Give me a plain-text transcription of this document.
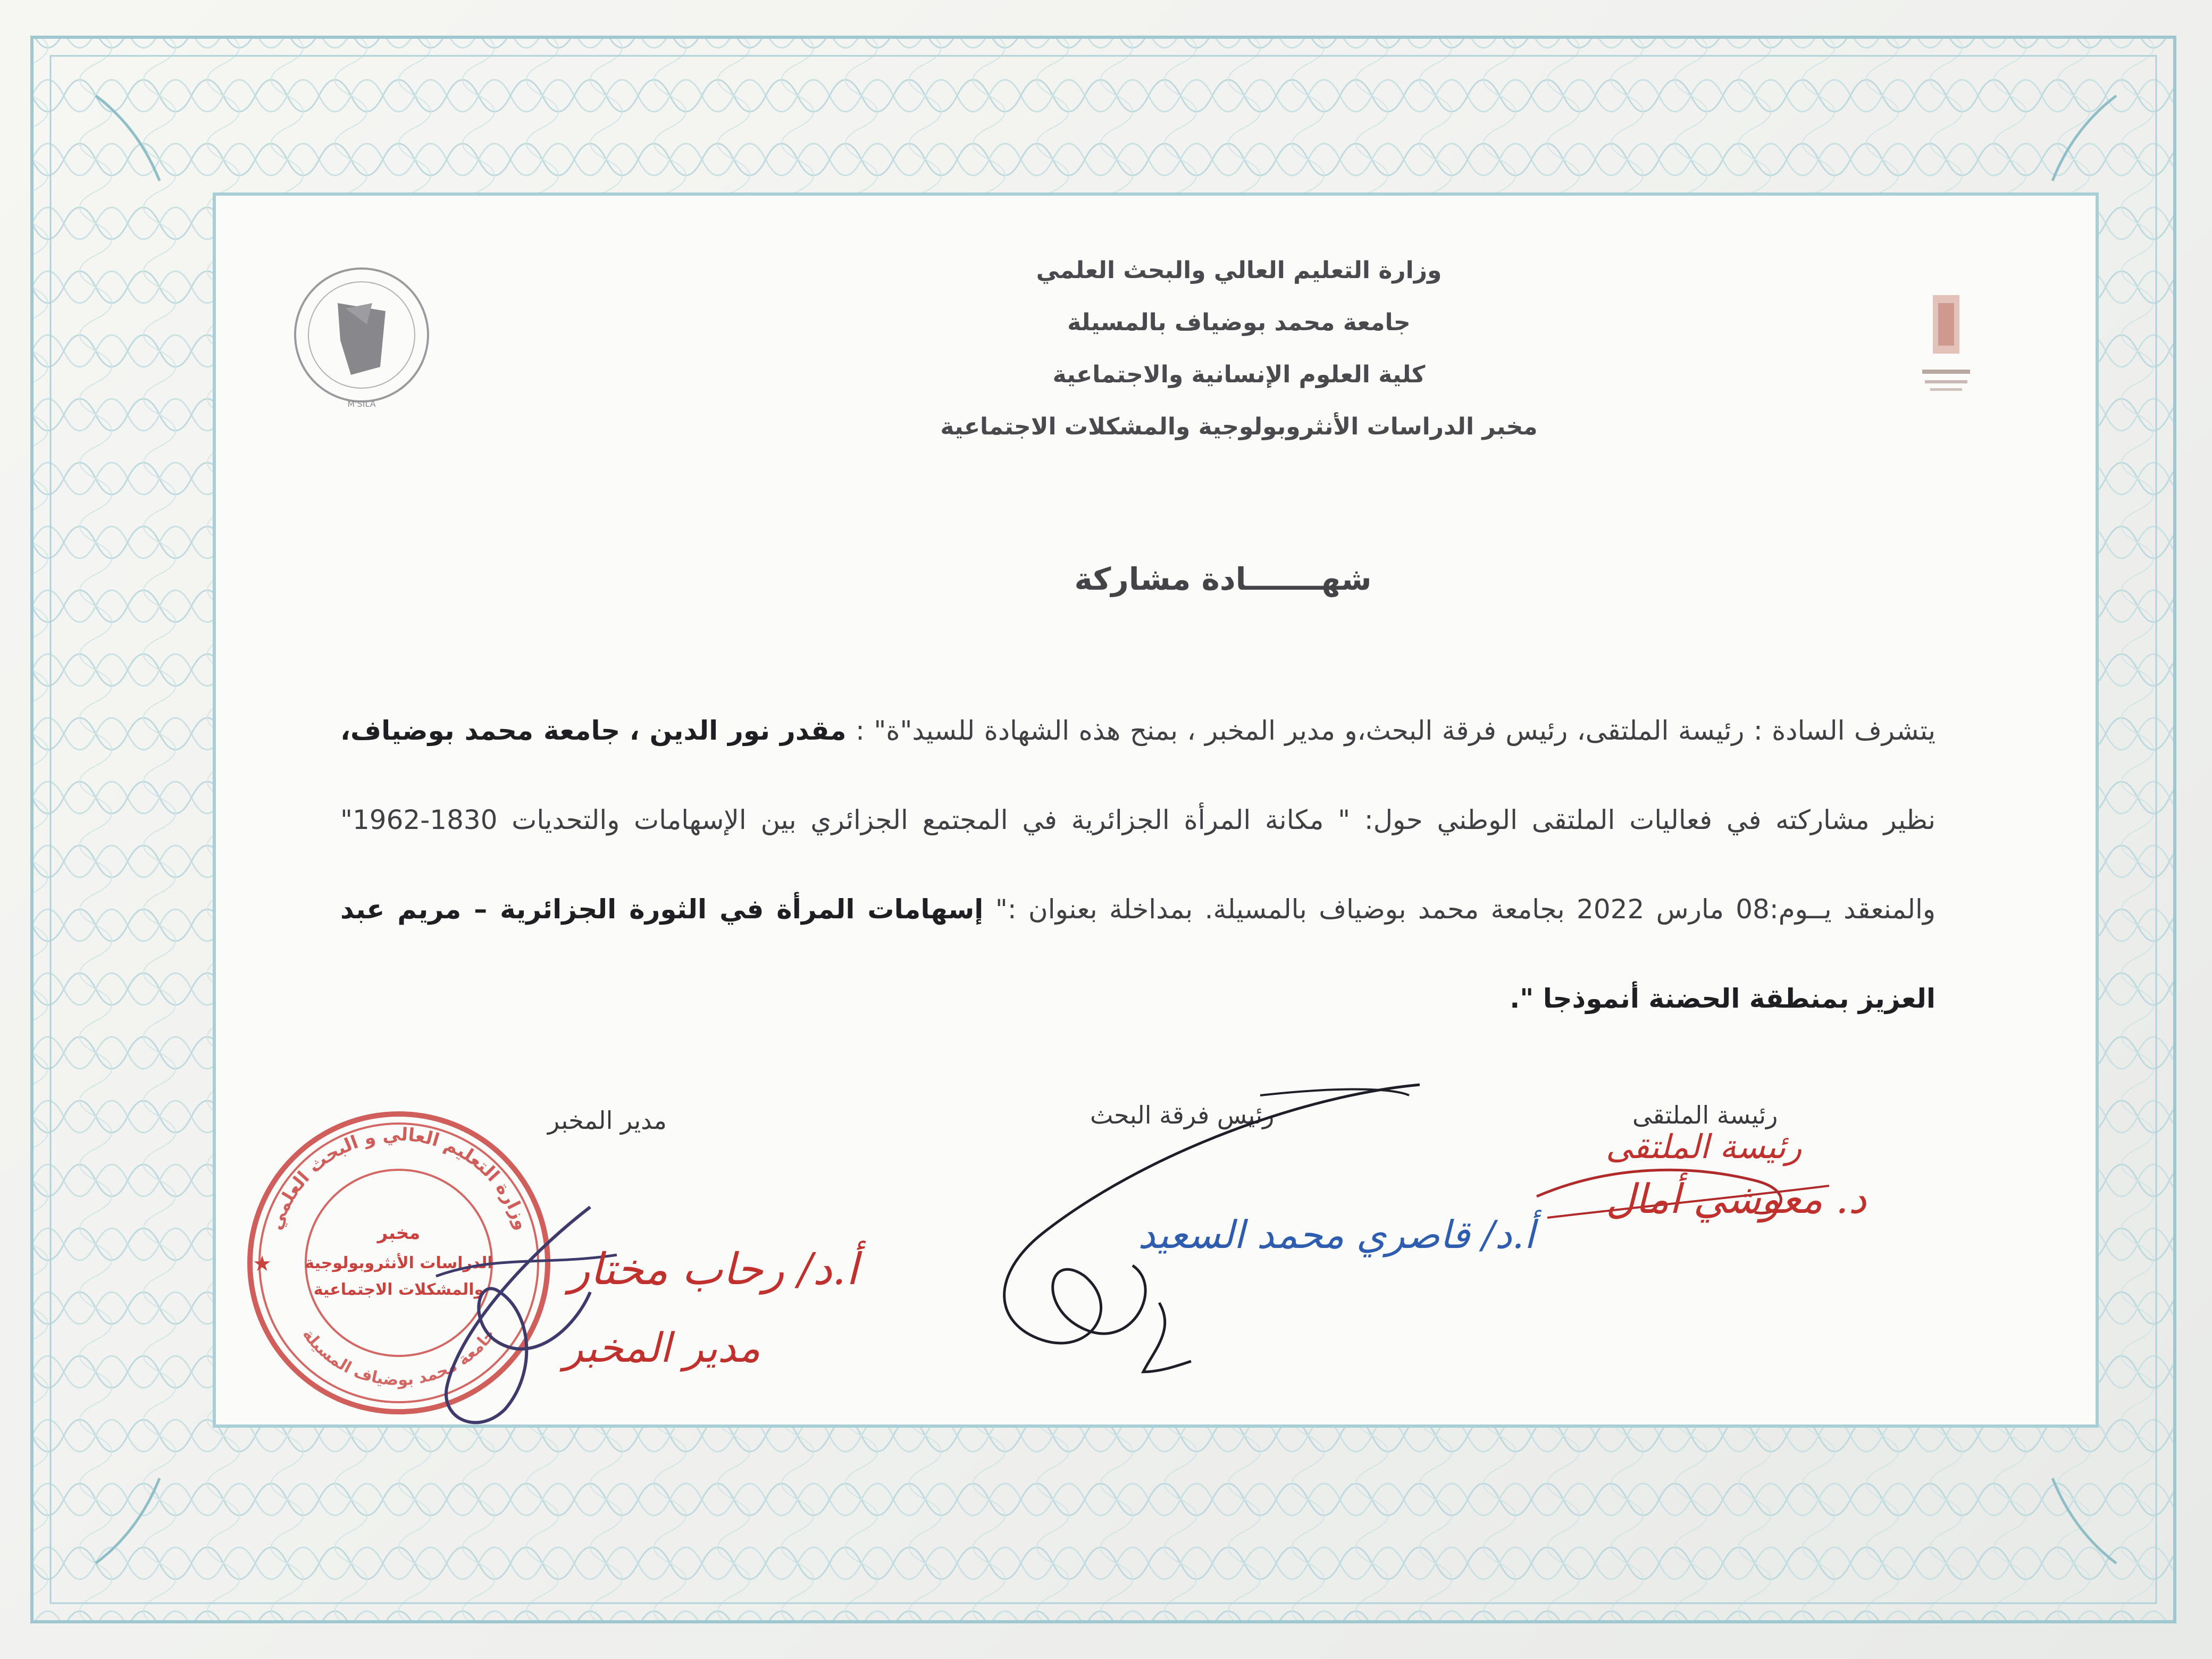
M'SILA
وزارة التعليم العالي والبحث العلمي
جامعة محمد بوضياف بالمسيلة
كلية العلوم الإنسانية والاجتماعية
مخبر الدراسات الأنثروبولوجية والمشكلات الاجتماعية
شهـــــــادة مشاركة
يتشرف السادة : رئيسة الملتقى، رئيس فرقة البحث،و مدير المخبر ، بمنح هذه الشهادة للسيد"ة" : مقدر نور الدين ، جامعة محمد بوضياف، نظير مشاركته في فعاليات الملتقى الوطني حول: " مكانة المرأة الجزائرية في المجتمع الجزائري بين الإسهامات والتحديات 1830-1962" والمنعقد يــوم:08 مارس 2022 بجامعة محمد بوضياف بالمسيلة. بمداخلة بعنوان :" إسهامات المرأة في الثورة الجزائرية – مريم عبد العزيز بمنطقة الحضنة أنموذجا ".
رئيسة الملتقى
رئيس فرقة البحث
مدير المخبر
وزارة التعليم العالي و البحث العلمي
جامعة محمد بوضياف المسيلة
مخبر
الدراسات الأنثروبولوجية
والمشكلات الاجتماعية
★	أ.د/ رحاب مختار
مدير المخبر
أ.د/ قاصري محمد السعيد
رئيسة الملتقى
د. معوشي أمال
